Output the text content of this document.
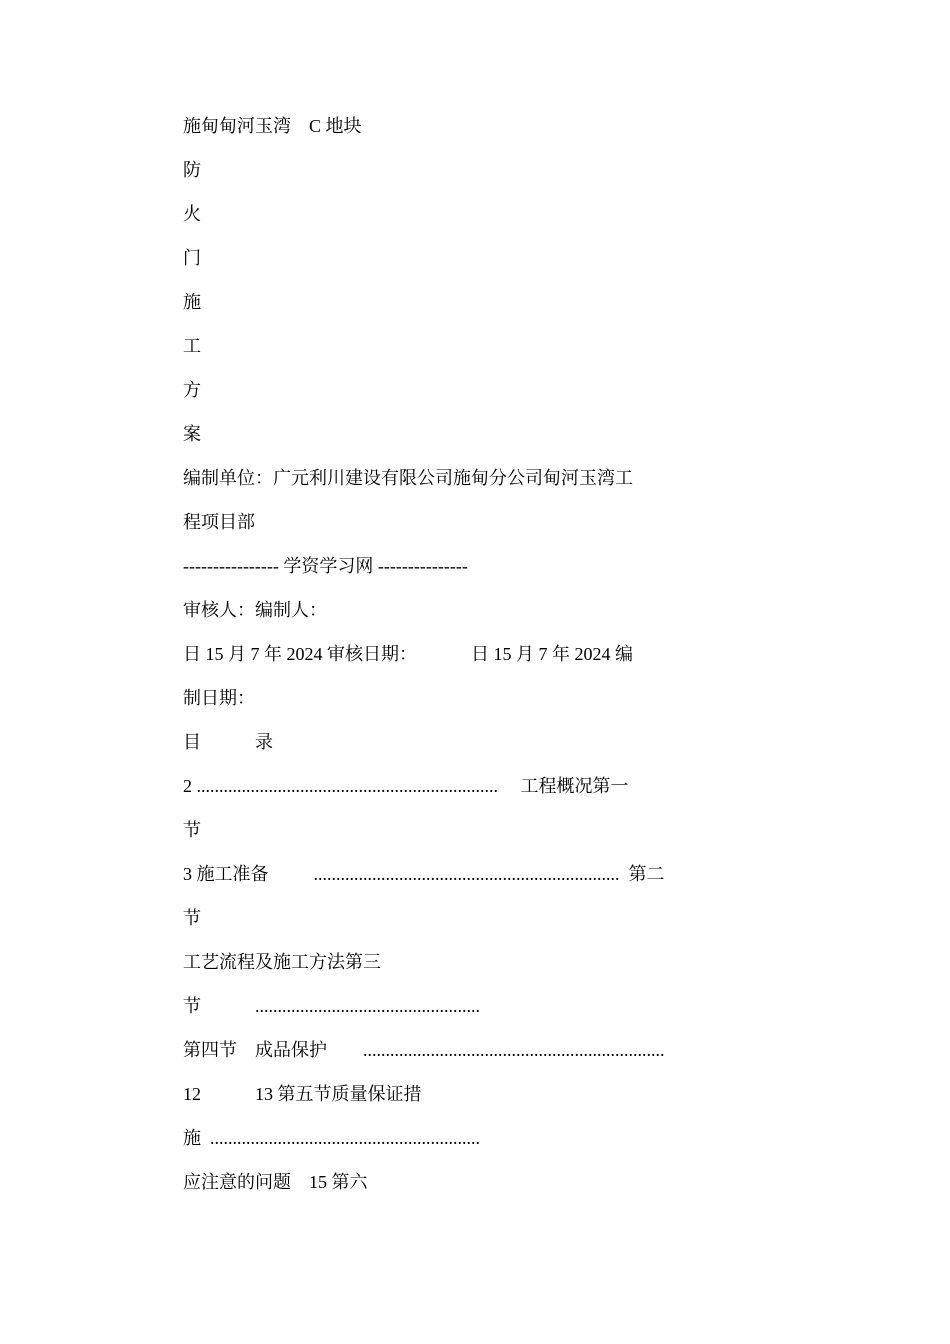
施甸甸河玉湾    C 地块

防

火

门

施

工

方

案

编制单位：广元利川建设有限公司施甸分公司甸河玉湾工

程项目部

---------------- 学资学习网 ---------------

审核人：编制人：

日 15 月 7 年 2024 审核日期：            日 15 月 7 年 2024 编

制日期：

目            录

2 ...................................................................     工程概况第一

节

3 施工准备          ....................................................................  第二

节

工艺流程及施工方法第三

节            ..................................................

第四节    成品保护        ...................................................................

12            13 第五节质量保证措

施  ............................................................

应注意的问题    15 第六
